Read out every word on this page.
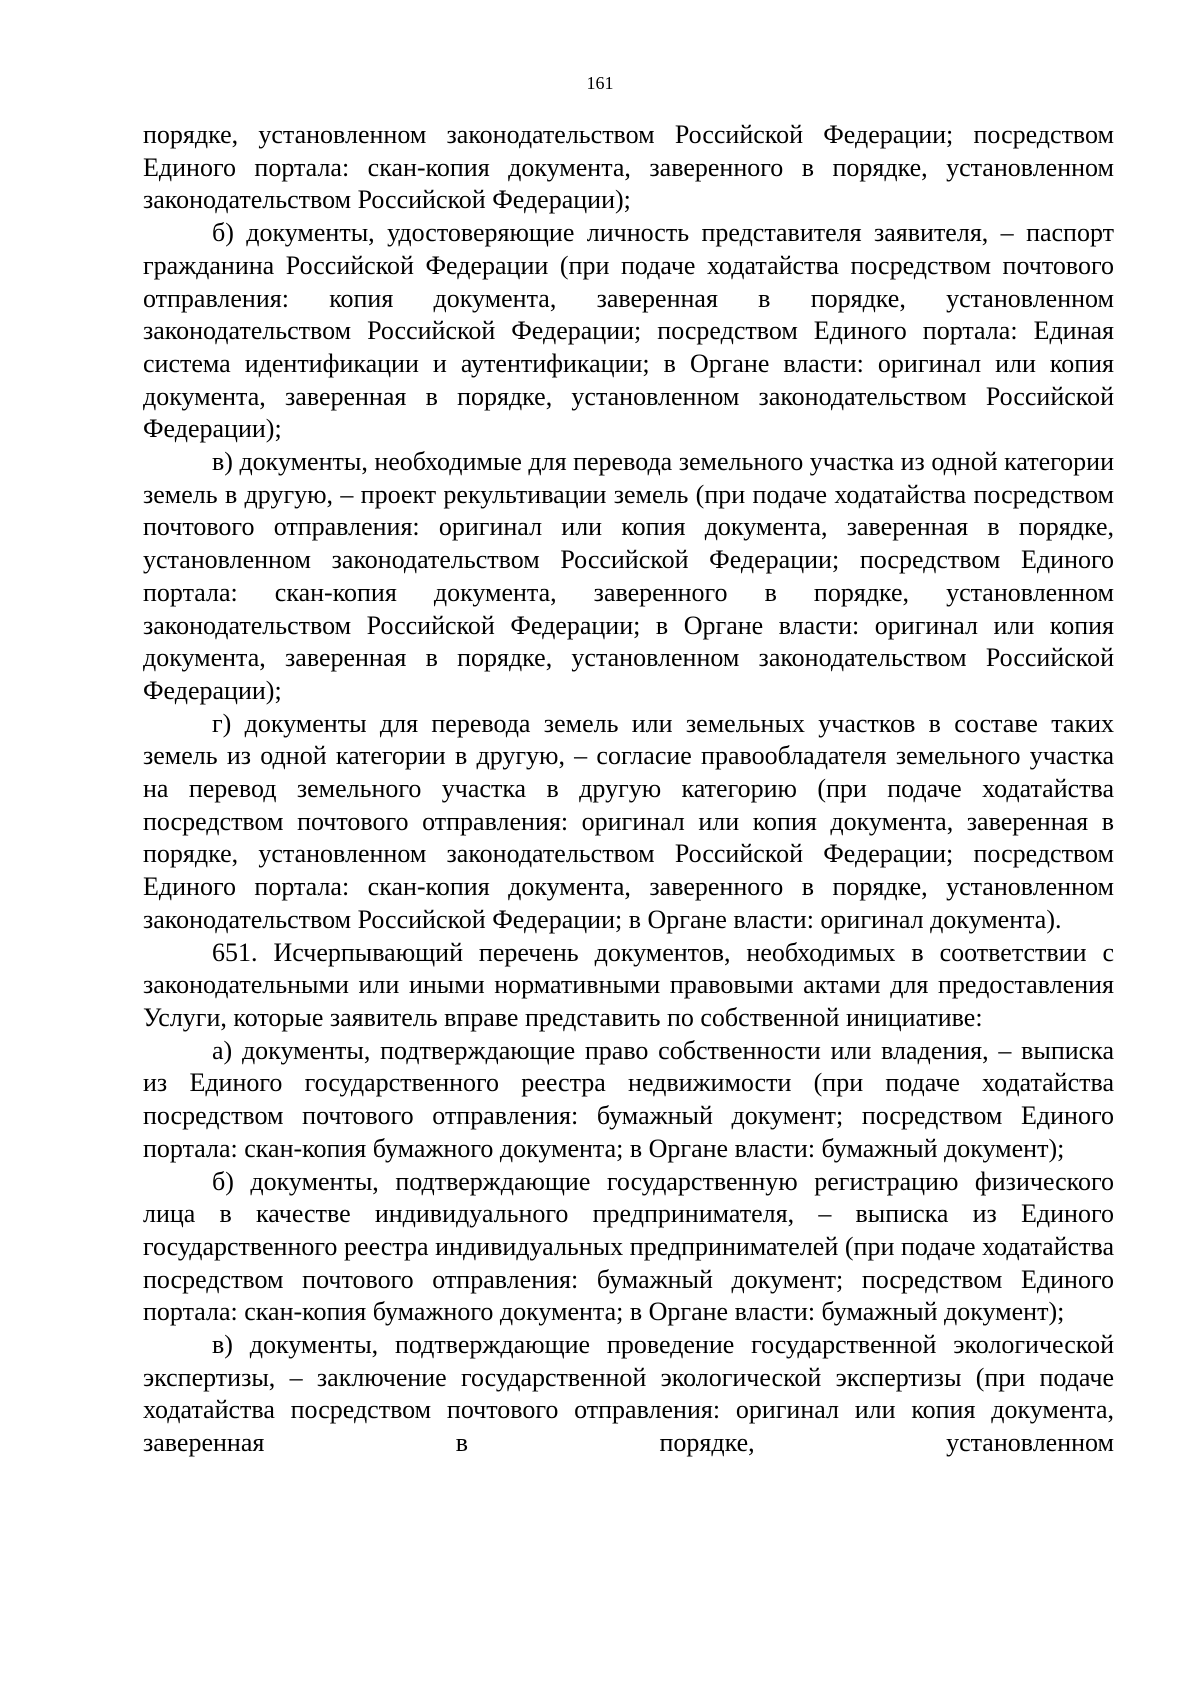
161

порядке, установленном законодательством Российской Федерации; посредством Единого портала: скан-копия документа, заверенного в порядке, установленном законодательством Российской Федерации);

б) документы, удостоверяющие личность представителя заявителя, – паспорт гражданина Российской Федерации (при подаче ходатайства посредством почтового отправления: копия документа, заверенная в порядке, установленном законодательством Российской Федерации; посредством Единого портала: Единая система идентификации и аутентификации; в Органе власти: оригинал или копия документа, заверенная в порядке, установленном законодательством Российской Федерации);

в) документы, необходимые для перевода земельного участка из одной категории земель в другую, – проект рекультивации земель (при подаче ходатайства посредством почтового отправления: оригинал или копия документа, заверенная в порядке, установленном законодательством Российской Федерации; посредством Единого портала: скан-копия документа, заверенного в порядке, установленном законодательством Российской Федерации; в Органе власти: оригинал или копия документа, заверенная в порядке, установленном законодательством Российской Федерации);

г) документы для перевода земель или земельных участков в составе таких земель из одной категории в другую, – согласие правообладателя земельного участка на перевод земельного участка в другую категорию (при подаче ходатайства посредством почтового отправления: оригинал или копия документа, заверенная в порядке, установленном законодательством Российской Федерации; посредством Единого портала: скан-копия документа, заверенного в порядке, установленном законодательством Российской Федерации; в Органе власти: оригинал документа).

651. Исчерпывающий перечень документов, необходимых в соответствии с законодательными или иными нормативными правовыми актами для предоставления Услуги, которые заявитель вправе представить по собственной инициативе:

а) документы, подтверждающие право собственности или владения, – выписка из Единого государственного реестра недвижимости (при подаче ходатайства посредством почтового отправления: бумажный документ; посредством Единого портала: скан-копия бумажного документа; в Органе власти: бумажный документ);

б) документы, подтверждающие государственную регистрацию физического лица в качестве индивидуального предпринимателя, – выписка из Единого государственного реестра индивидуальных предпринимателей (при подаче ходатайства посредством почтового отправления: бумажный документ; посредством Единого портала: скан-копия бумажного документа; в Органе власти: бумажный документ);

в) документы, подтверждающие проведение государственной экологической экспертизы, – заключение государственной экологической экспертизы (при подаче ходатайства посредством почтового отправления: оригинал или копия документа, заверенная в порядке, установленном
